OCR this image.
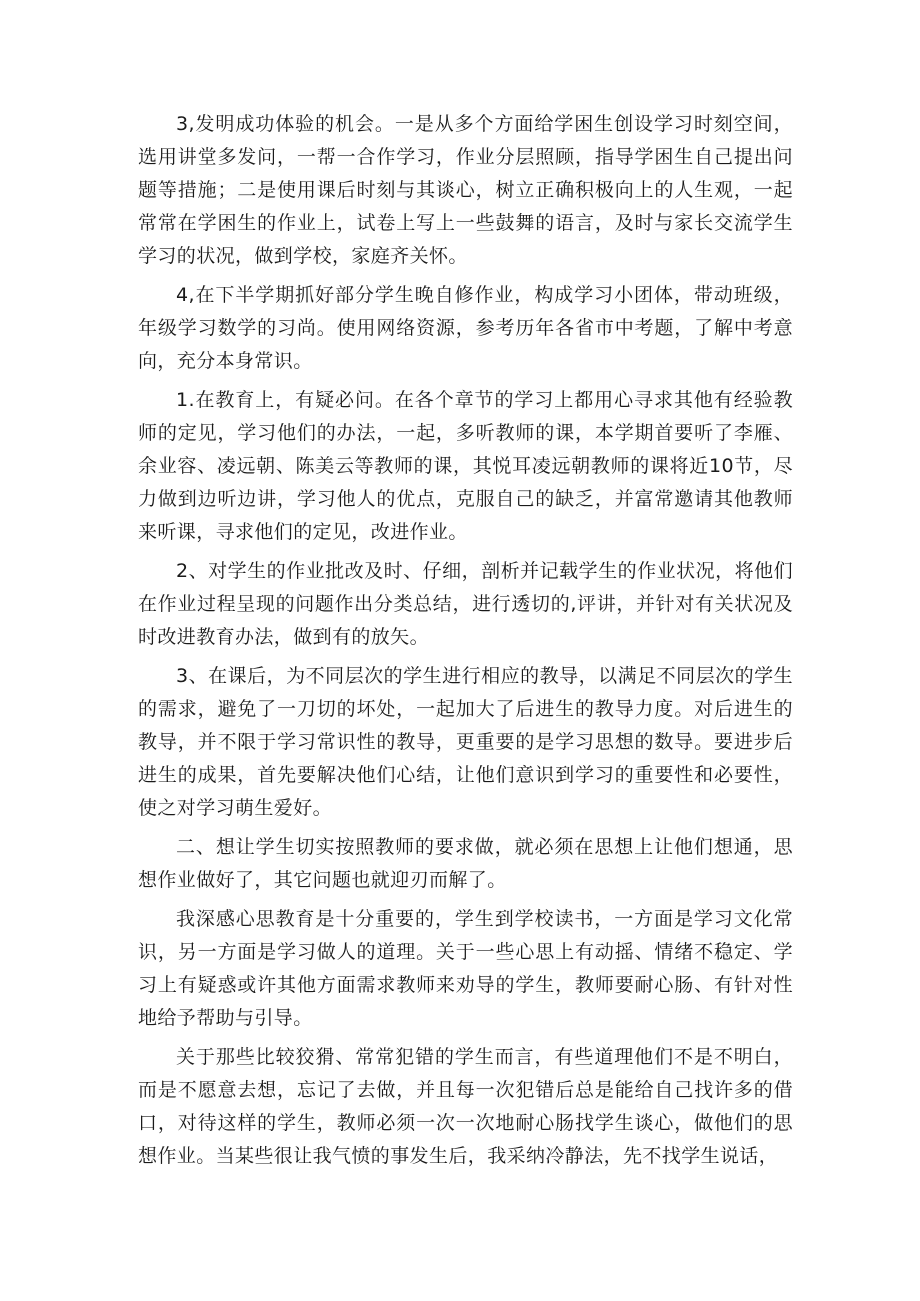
3,发明成功体验的机会。一是从多个方面给学困生创设学习时刻空间，选用讲堂多发问，一帮一合作学习，作业分层照顾，指导学困生自己提出问题等措施；二是使用课后时刻与其谈心，树立正确积极向上的人生观，一起常常在学困生的作业上，试卷上写上一些鼓舞的语言，及时与家长交流学生学习的状况，做到学校，家庭齐关怀。

4,在下半学期抓好部分学生晚自修作业，构成学习小团体，带动班级，年级学习数学的习尚。使用网络资源，参考历年各省市中考题，了解中考意向，充分本身常识。

1.在教育上，有疑必问。在各个章节的学习上都用心寻求其他有经验教师的定见，学习他们的办法，一起，多听教师的课，本学期首要听了李雁、余业容、凌远朝、陈美云等教师的课，其悦耳凌远朝教师的课将近10节，尽力做到边听边讲，学习他人的优点，克服自己的缺乏，并富常邀请其他教师来听课，寻求他们的定见，改进作业。

2、对学生的作业批改及时、仔细，剖析并记载学生的作业状况，将他们在作业过程呈现的问题作出分类总结，进行透切的,评讲，并针对有关状况及时改进教育办法，做到有的放矢。

3、在课后，为不同层次的学生进行相应的教导，以满足不同层次的学生的需求，避免了一刀切的坏处，一起加大了后进生的教导力度。对后进生的教导，并不限于学习常识性的教导，更重要的是学习思想的数导。要进步后进生的成果，首先要解决他们心结，让他们意识到学习的重要性和必要性，使之对学习萌生爱好。

二、想让学生切实按照教师的要求做，就必须在思想上让他们想通，思想作业做好了，其它问题也就迎刃而解了。

我深感心思教育是十分重要的，学生到学校读书，一方面是学习文化常识，另一方面是学习做人的道理。关于一些心思上有动摇、情绪不稳定、学习上有疑惑或许其他方面需求教师来劝导的学生，教师要耐心肠、有针对性地给予帮助与引导。

关于那些比较狡猾、常常犯错的学生而言，有些道理他们不是不明白，而是不愿意去想，忘记了去做，并且每一次犯错后总是能给自己找许多的借口，对待这样的学生，教师必须一次一次地耐心肠找学生谈心，做他们的思想作业。当某些很让我气愤的事发生后，我采纳冷静法，先不找学生说话，
